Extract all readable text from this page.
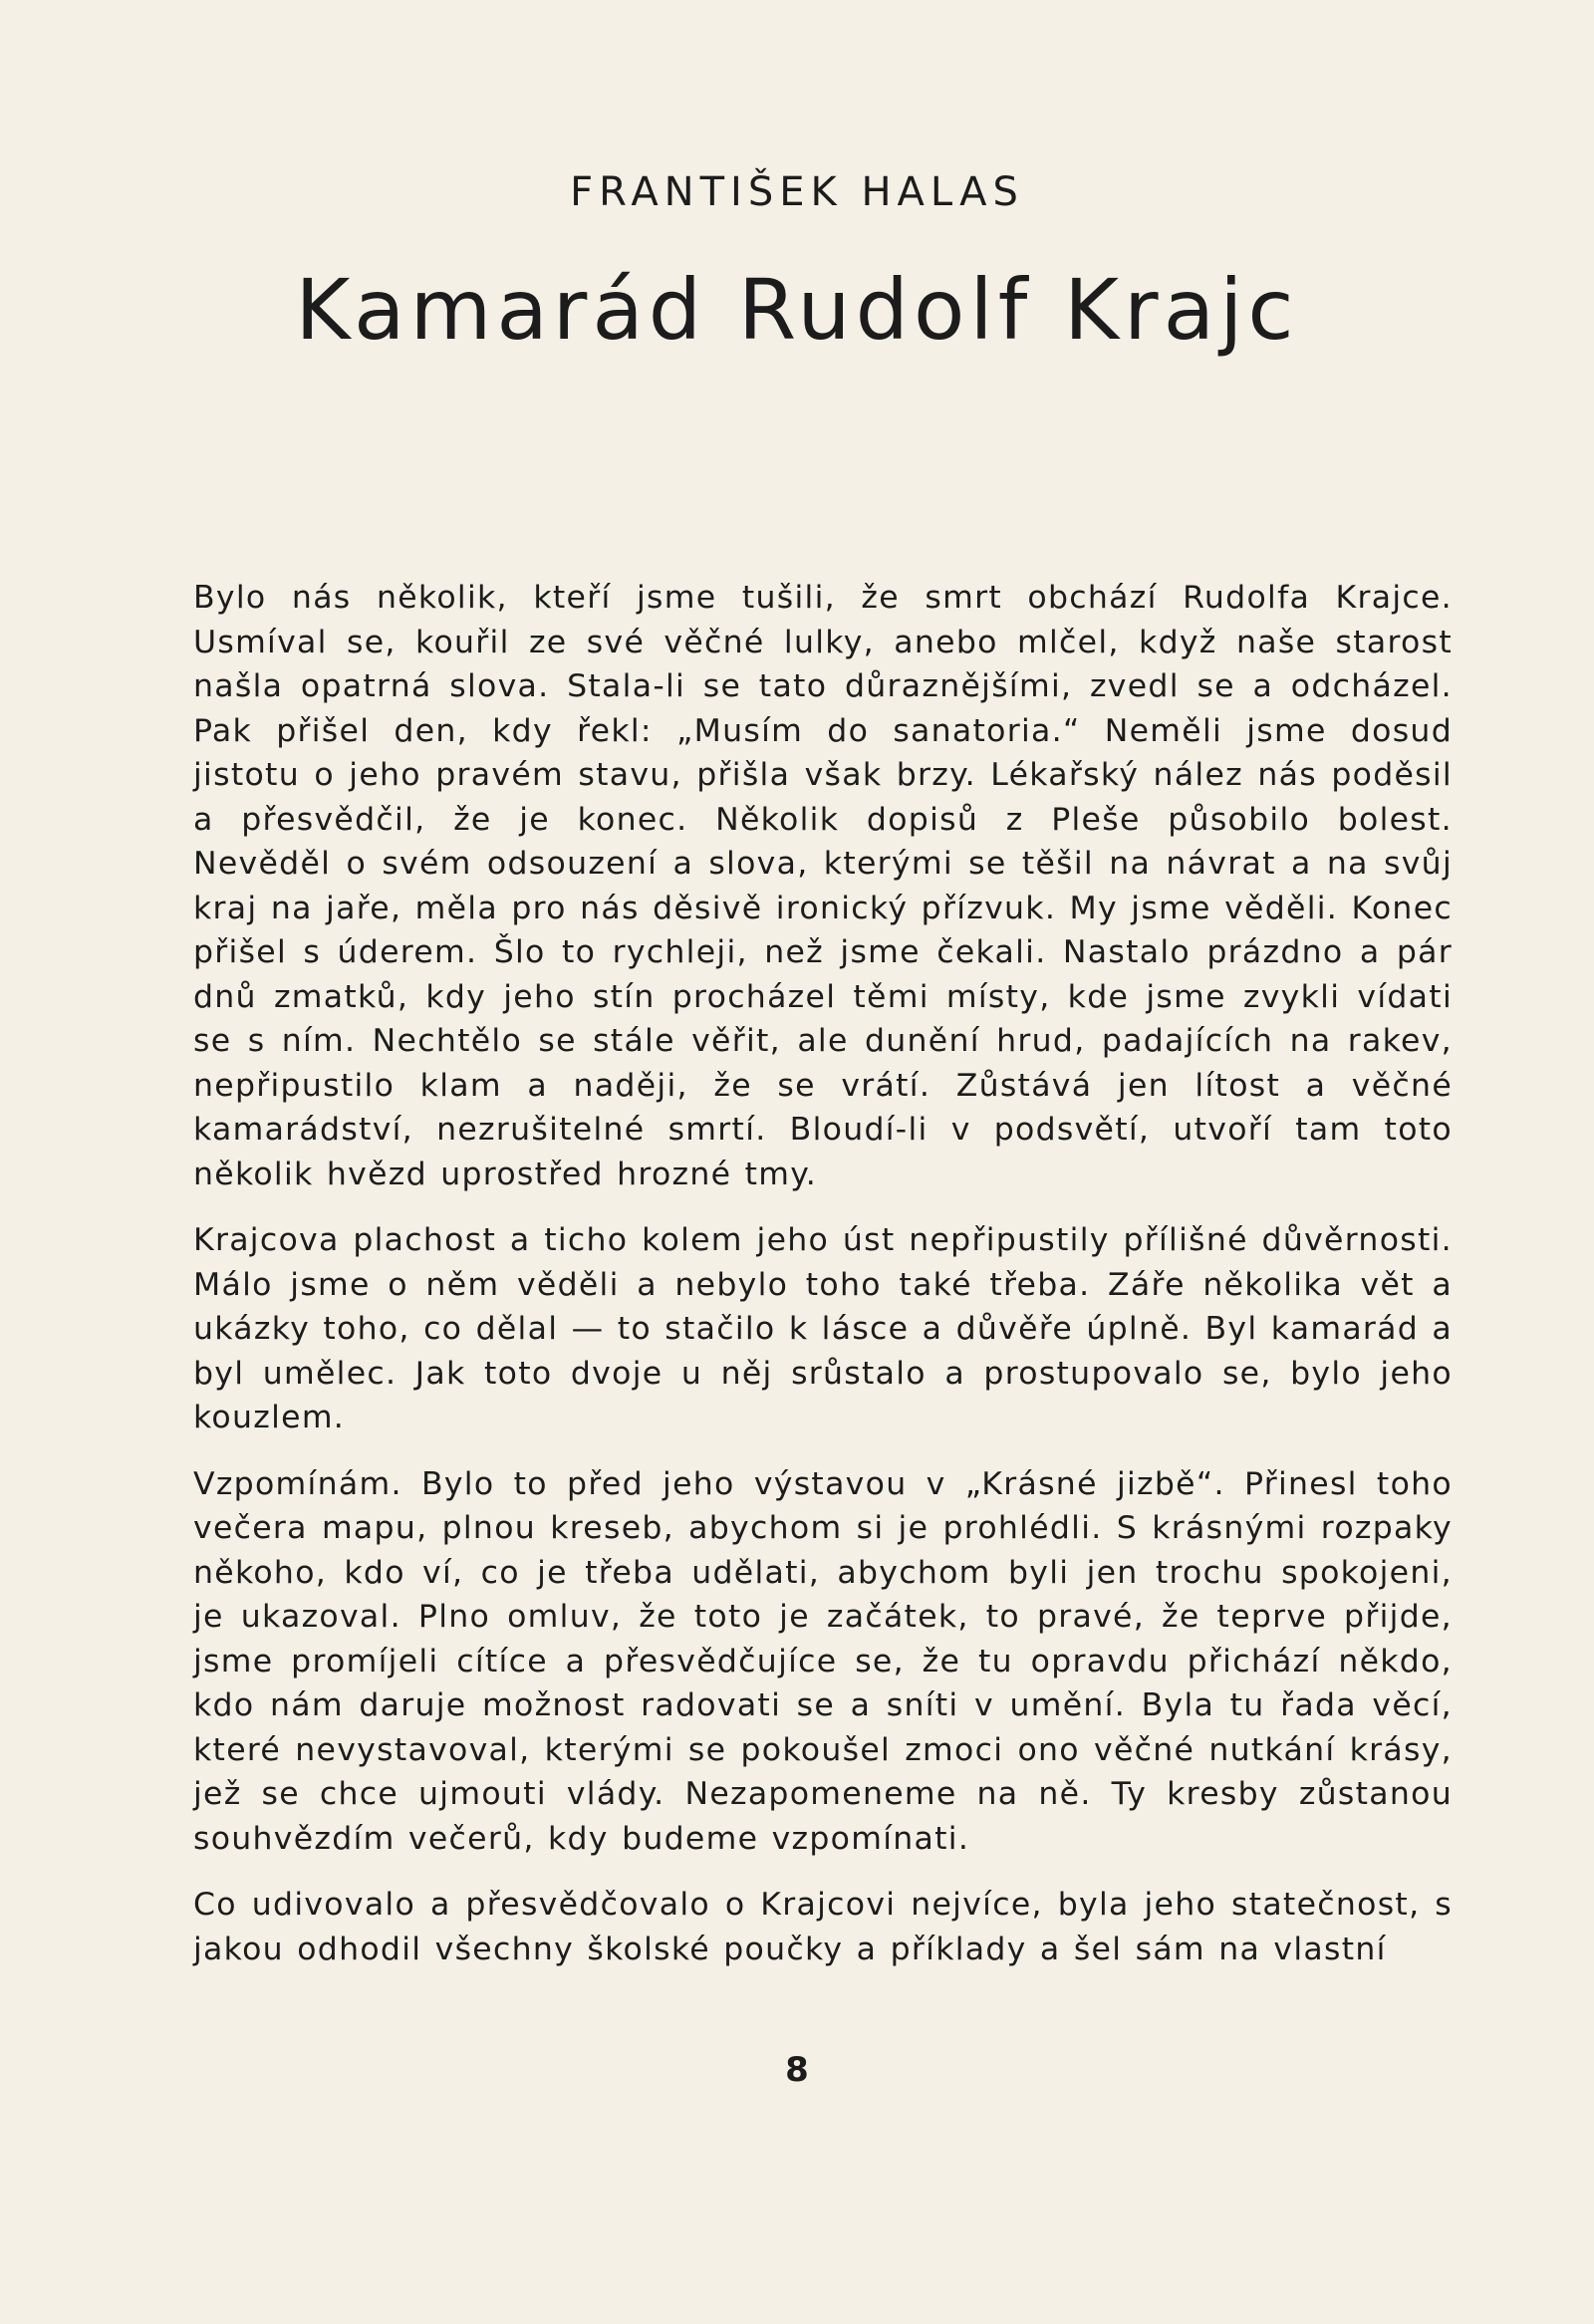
FRANTIŠEK HALAS
Kamarád Rudolf Krajc

Bylo nás několik, kteří jsme tušili, že smrt obchází Rudolfa Krajce. Usmíval se, kouřil ze své věčné lulky, anebo mlčel, když naše starost našla opatrná slova. Stala-li se tato důraznějšími, zvedl se a odcházel. Pak přišel den, kdy řekl: „Musím do sanatoria.“ Neměli jsme dosud jistotu o jeho pravém stavu, přišla však brzy. Lékařský nález nás poděsil a přesvědčil, že je konec. Několik dopisů z Pleše působilo bolest. Nevěděl o svém odsouzení a slova, kterými se těšil na návrat a na svůj kraj na jaře, měla pro nás děsivě ironický přízvuk. My jsme věděli. Konec přišel s úderem. Šlo to rychleji, než jsme čekali. Nastalo prázdno a pár dnů zmatků, kdy jeho stín procházel těmi místy, kde jsme zvykli vídati se s ním. Nechtělo se stále věřit, ale dunění hrud, padajících na rakev, nepřipustilo klam a naději, že se vrátí. Zůstává jen lítost a věčné kamarádství, nezrušitelné smrtí. Bloudí-li v podsvětí, utvoří tam toto několik hvězd uprostřed hrozné tmy.

Krajcova plachost a ticho kolem jeho úst nepřipustily přílišné důvěrnosti. Málo jsme o něm věděli a nebylo toho také třeba. Záře několika vět a ukázky toho, co dělal — to stačilo k lásce a důvěře úplně. Byl kamarád a byl umělec. Jak toto dvoje u něj srůstalo a prostupovalo se, bylo jeho kouzlem.

Vzpomínám. Bylo to před jeho výstavou v „Krásné jizbě“. Přinesl toho večera mapu, plnou kreseb, abychom si je prohlédli. S krásnými rozpaky někoho, kdo ví, co je třeba udělati, abychom byli jen trochu spokojeni, je ukazoval. Plno omluv, že toto je začátek, to pravé, že teprve přijde, jsme promíjeli cítíce a přesvědčujíce se, že tu opravdu přichází někdo, kdo nám daruje možnost radovati se a sníti v umění. Byla tu řada věcí, které nevystavoval, kterými se pokoušel zmoci ono věčné nutkání krásy, jež se chce ujmouti vlády. Nezapomeneme na ně. Ty kresby zůstanou souhvězdím večerů, kdy budeme vzpomínati.

Co udivovalo a přesvědčovalo o Krajcovi nejvíce, byla jeho statečnost, s jakou odhodil všechny školské poučky a příklady a šel sám na vlastní

8
